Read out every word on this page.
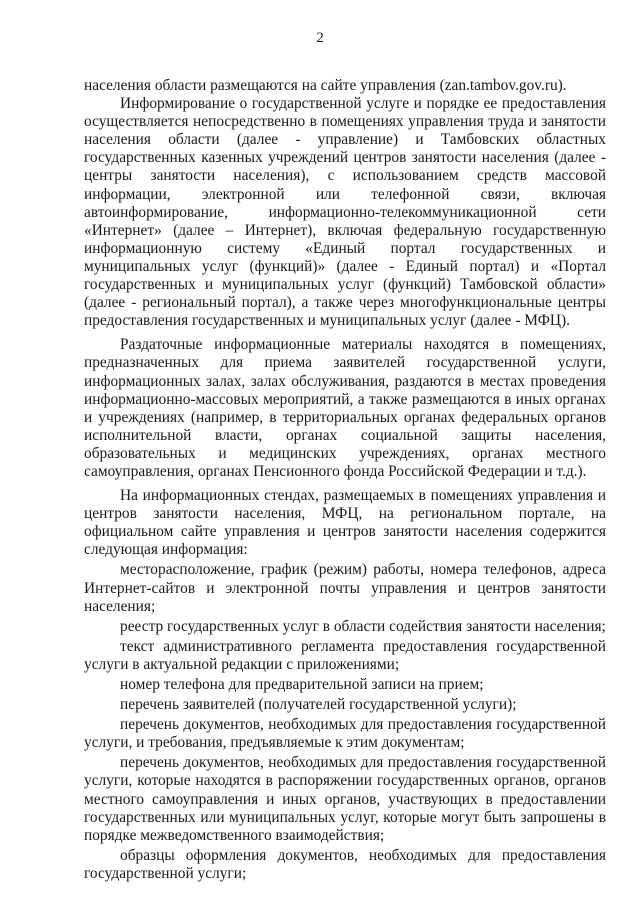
2

населения области размещаются на сайте управления (zan.tambov.gov.ru).

Информирование о государственной услуге и порядке ее предоставления осуществляется непосредственно в помещениях управления труда и занятости населения области (далее - управление) и Тамбовских областных государственных казенных учреждений центров занятости населения (далее - центры занятости населения), с использованием средств массовой информации, электронной или телефонной связи, включая автоинформирование, информационно-телекоммуникационной сети «Интернет» (далее – Интернет), включая федеральную государственную информационную систему «Единый портал государственных и муниципальных услуг (функций)» (далее - Единый портал) и «Портал государственных и муниципальных услуг (функций) Тамбовской области» (далее - региональный портал), а также через многофункциональные центры предоставления государственных и муниципальных услуг (далее - МФЦ).

Раздаточные информационные материалы находятся в помещениях, предназначенных для приема заявителей государственной услуги, информационных залах, залах обслуживания, раздаются в местах проведения информационно-массовых мероприятий, а также размещаются в иных органах и учреждениях (например, в территориальных органах федеральных органов исполнительной власти, органах социальной защиты населения, образовательных и медицинских учреждениях, органах местного самоуправления, органах Пенсионного фонда Российской Федерации и т.д.).

На информационных стендах, размещаемых в помещениях управления и центров занятости населения, МФЦ, на региональном портале, на официальном сайте управления и центров занятости населения содержится следующая информация:

месторасположение, график (режим) работы, номера телефонов, адреса Интернет-сайтов и электронной почты управления и центров занятости населения;

реестр государственных услуг в области содействия занятости населения;

текст административного регламента предоставления государственной услуги в актуальной редакции с приложениями;

номер телефона для предварительной записи на прием;

перечень заявителей (получателей государственной услуги);

перечень документов, необходимых для предоставления государственной услуги, и требования, предъявляемые к этим документам;

перечень документов, необходимых для предоставления государственной услуги, которые находятся в распоряжении государственных органов, органов местного самоуправления и иных органов, участвующих в предоставлении государственных или муниципальных услуг, которые могут быть запрошены в порядке межведомственного взаимодействия;

образцы оформления документов, необходимых для предоставления государственной услуги;
